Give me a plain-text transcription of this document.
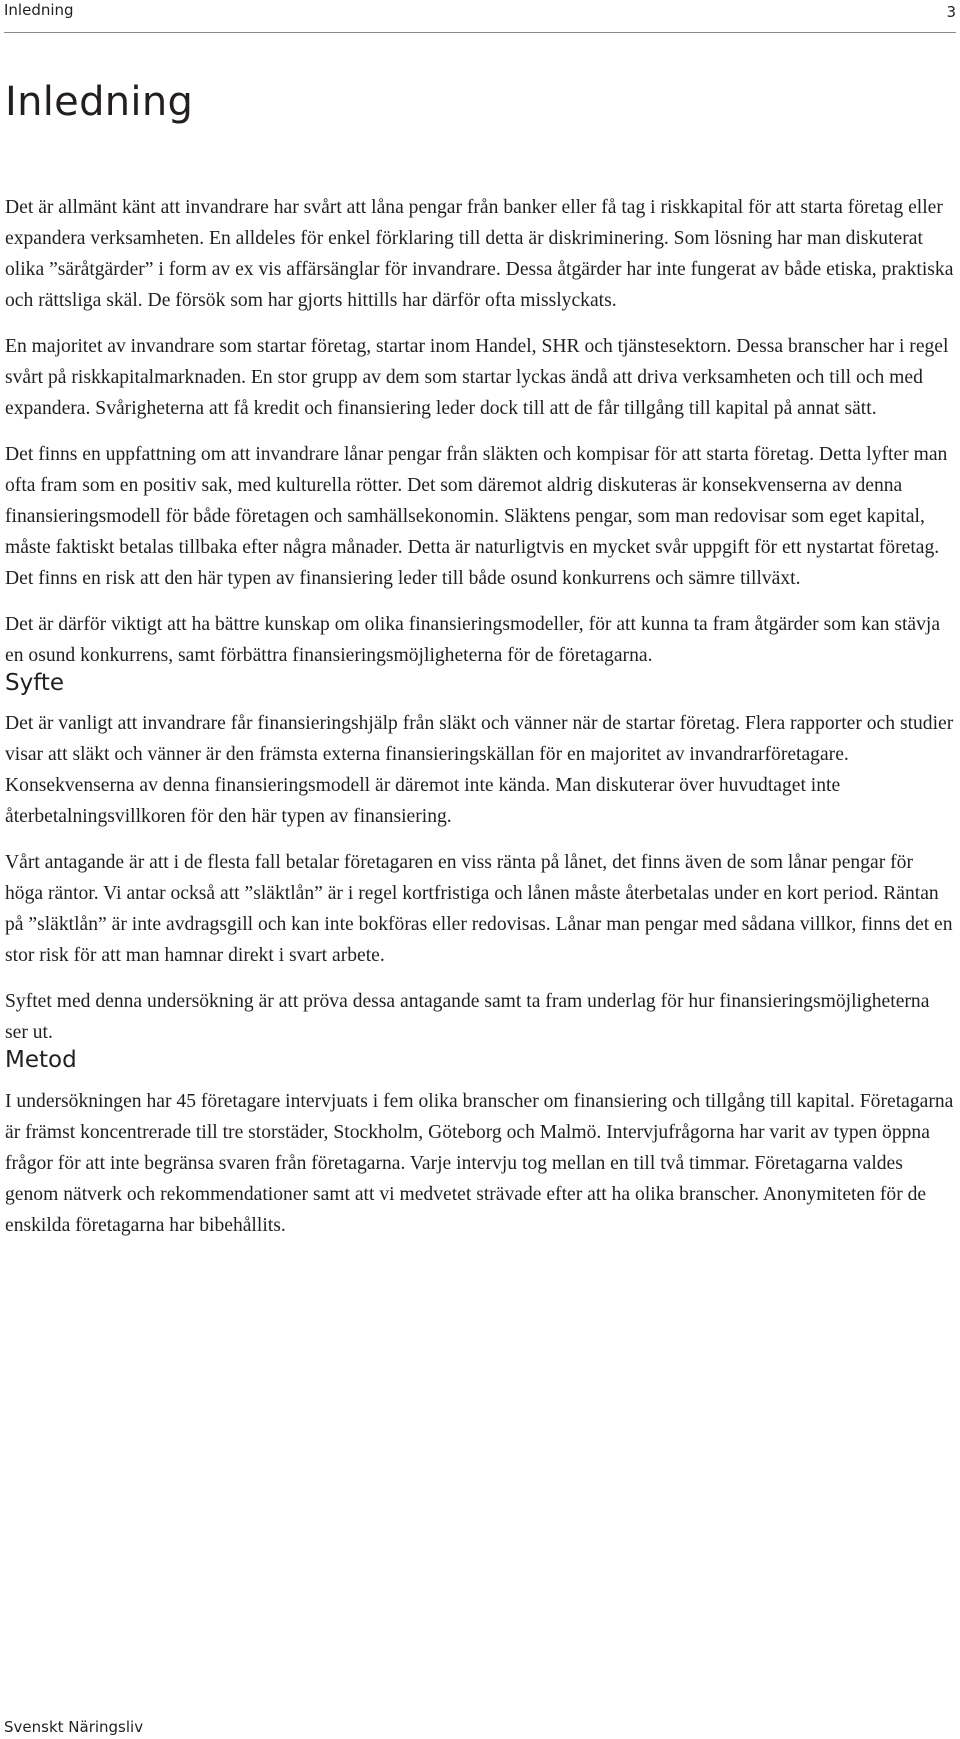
Inledning	3
Inledning

Det är allmänt känt att invandrare har svårt att låna pengar från banker eller få tag i riskkapital för att starta företag eller expandera verksamheten. En alldeles för enkel förklaring till detta är diskriminering. Som lösning har man diskuterat olika ”säråtgärder” i form av ex vis affärsänglar för invandrare. Dessa åtgärder har inte fungerat av både etiska, praktiska och rättsliga skäl. De försök som har gjorts hittills har därför ofta misslyckats.

En majoritet av invandrare som startar företag, startar inom Handel, SHR och tjänstesektorn. Dessa branscher har i regel svårt på riskkapitalmarknaden. En stor grupp av dem som startar lyckas ändå att driva verksamheten och till och med expandera. Svårigheterna att få kredit och finansiering leder dock till att de får tillgång till kapital på annat sätt.

Det finns en uppfattning om att invandrare lånar pengar från släkten och kompisar för att starta företag. Detta lyfter man ofta fram som en positiv sak, med kulturella rötter. Det som däremot aldrig diskuteras är konsekvenserna av denna finansieringsmodell för både företagen och samhällsekonomin. Släktens pengar, som man redovisar som eget kapital, måste faktiskt betalas tillbaka efter några månader. Detta är naturligtvis en mycket svår uppgift för ett nystartat företag. Det finns en risk att den här typen av finansiering leder till både osund konkurrens och sämre tillväxt.

Det är därför viktigt att ha bättre kunskap om olika finansieringsmodeller, för att kunna ta fram åtgärder som kan stävja en osund konkurrens, samt förbättra finansieringsmöjligheterna för de företagarna.

Syfte

Det är vanligt att invandrare får finansieringshjälp från släkt och vänner när de startar företag. Flera rapporter och studier visar att släkt och vänner är den främsta externa finansieringskällan för en majoritet av invandrarföretagare. Konsekvenserna av denna finansieringsmodell är däremot inte kända. Man diskuterar över huvudtaget inte återbetalningsvillkoren för den här typen av finansiering.

Vårt antagande är att i de flesta fall betalar företagaren en viss ränta på lånet, det finns även de som lånar pengar för höga räntor. Vi antar också att ”släktlån” är i regel kortfristiga och lånen måste återbetalas under en kort period. Räntan på ”släktlån” är inte avdragsgill och kan inte bokföras eller redovisas. Lånar man pengar med sådana villkor, finns det en stor risk för att man hamnar direkt i svart arbete.

Syftet med denna undersökning är att pröva dessa antagande samt ta fram underlag för hur finansieringsmöjligheterna ser ut.

Metod

I undersökningen har 45 företagare intervjuats i fem olika branscher om finansiering och tillgång till kapital. Företagarna är främst koncentrerade till tre storstäder, Stockholm, Göteborg och Malmö. Intervjufrågorna har varit av typen öppna frågor för att inte begränsa svaren från företagarna. Varje intervju tog mellan en till två timmar. Företagarna valdes genom nätverk och rekommendationer samt att vi medvetet strävade efter att ha olika branscher. Anonymiteten för de enskilda företagarna har bibehållits.

Svenskt Näringsliv
